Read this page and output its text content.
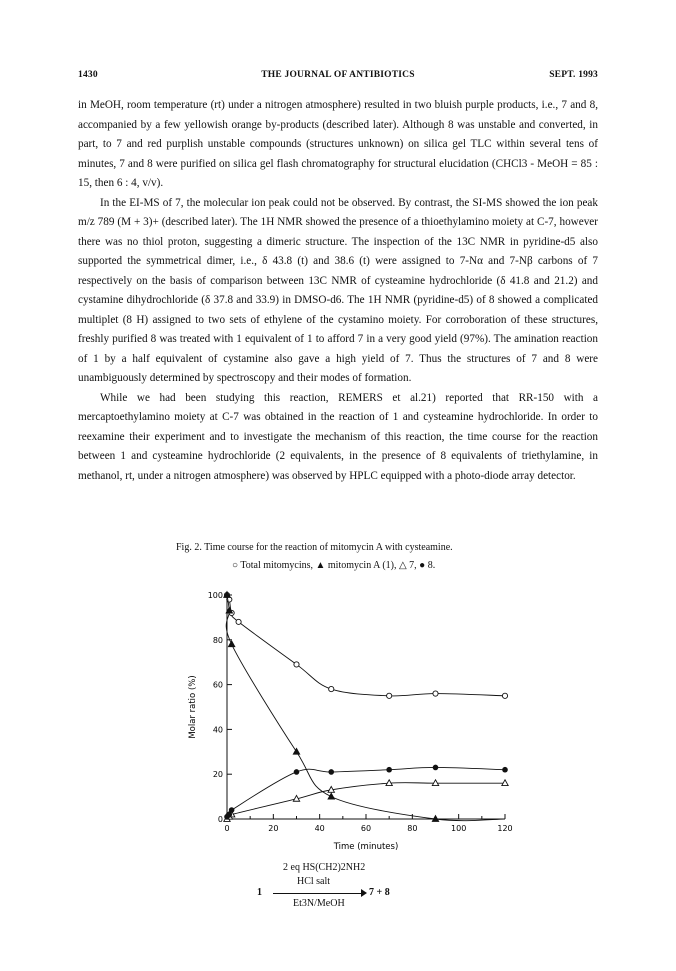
1430	THE JOURNAL OF ANTIBIOTICS	SEPT. 1993

in MeOH, room temperature (rt) under a nitrogen atmosphere) resulted in two bluish purple products, i.e., 7 and 8, accompanied by a few yellowish orange by-products (described later). Although 8 was unstable and converted, in part, to 7 and red purplish unstable compounds (structures unknown) on silica gel TLC within several tens of minutes, 7 and 8 were purified on silica gel flash chromatography for structural elucidation (CHCl3 - MeOH = 85 : 15, then 6 : 4, v/v).

In the EI-MS of 7, the molecular ion peak could not be observed. By contrast, the SI-MS showed the ion peak m/z 789 (M + 3)+ (described later). The 1H NMR showed the presence of a thioethylamino moiety at C-7, however there was no thiol proton, suggesting a dimeric structure. The inspection of the 13C NMR in pyridine-d5 also supported the symmetrical dimer, i.e., δ 43.8 (t) and 38.6 (t) were assigned to 7-Nα and 7-Nβ carbons of 7 respectively on the basis of comparison between 13C NMR of cysteamine hydrochloride (δ 41.8 and 21.2) and cystamine dihydrochloride (δ 37.8 and 33.9) in DMSO-d6. The 1H NMR (pyridine-d5) of 8 showed a complicated multiplet (8 H) assigned to two sets of ethylene of the cystamino moiety. For corroboration of these structures, freshly purified 8 was treated with 1 equivalent of 1 to afford 7 in a very good yield (97%). The amination reaction of 1 by a half equivalent of cystamine also gave a high yield of 7. Thus the structures of 7 and 8 were unambiguously determined by spectroscopy and their modes of formation.

While we had been studying this reaction, REMERS et al.21) reported that RR-150 with a mercaptoethylamino moiety at C-7 was obtained in the reaction of 1 and cysteamine hydrochloride. In order to reexamine their experiment and to investigate the mechanism of this reaction, the time course for the reaction between 1 and cysteamine hydrochloride (2 equivalents, in the presence of 8 equivalents of triethylamine, in methanol, rt, under a nitrogen atmosphere) was observed by HPLC equipped with a photo-diode array detector.

Fig. 2. Time course for the reaction of mitomycin A with cysteamine.
○ Total mitomycins, ▲ mitomycin A (1), △ 7, ● 8.
0
20
40
60
80
100
0	20	40	60	80	100	120
Time (minutes)
Molar ratio (%)
2 eq HS(CH2)2NH2
HCl salt
1	7 + 8
Et3N/MeOH
